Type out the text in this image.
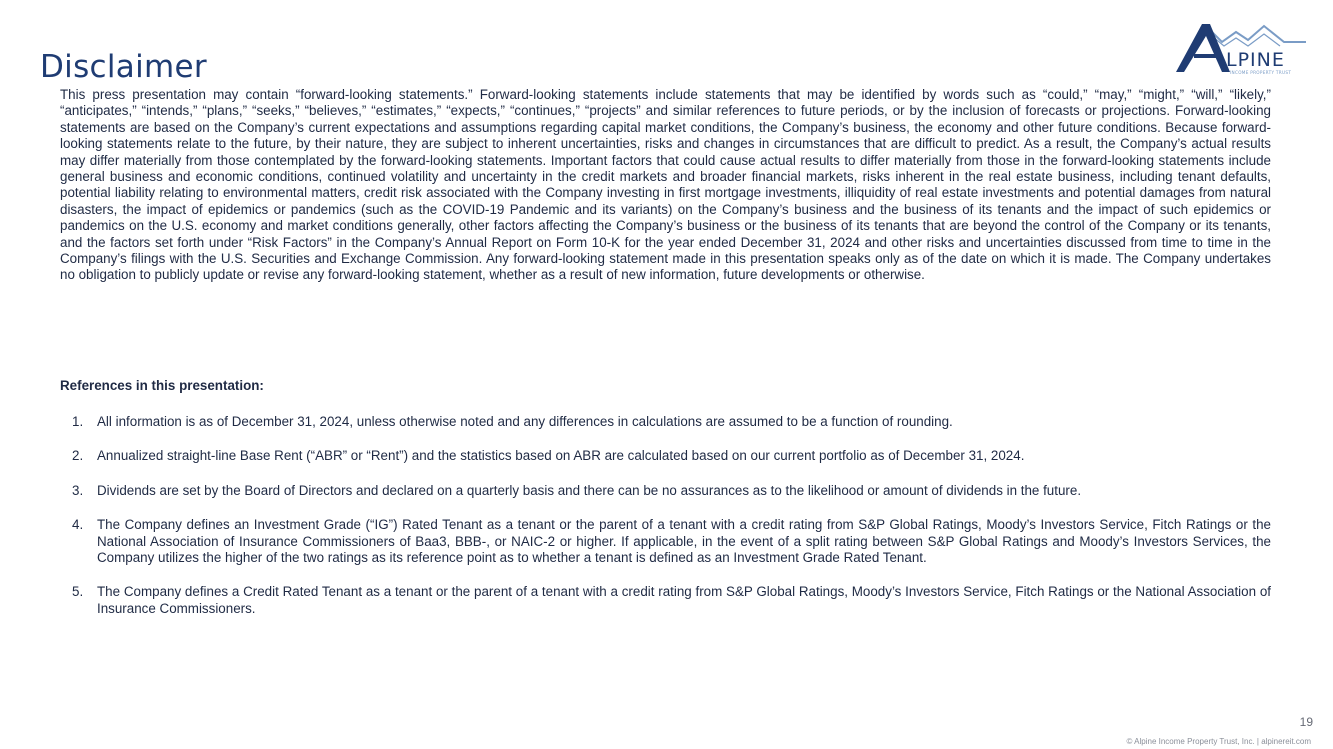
Disclaimer	LPINE
INCOME PROPERTY TRUST

This press presentation may contain “forward-looking statements.” Forward-looking statements include statements that may be identified by words such as “could,” “may,” “might,” “will,” “likely,” “anticipates,” “intends,” “plans,” “seeks,” “believes,” “estimates,” “expects,” “continues,” “projects” and similar references to future periods, or by the inclusion of forecasts or projections. Forward-looking statements are based on the Company’s current expectations and assumptions regarding capital market conditions, the Company’s business, the economy and other future conditions. Because forward-looking statements relate to the future, by their nature, they are subject to inherent uncertainties, risks and changes in circumstances that are difficult to predict. As a result, the Company’s actual results may differ materially from those contemplated by the forward-looking statements. Important factors that could cause actual results to differ materially from those in the forward-looking statements include general business and economic conditions, continued volatility and uncertainty in the credit markets and broader financial markets, risks inherent in the real estate business, including tenant defaults, potential liability relating to environmental matters, credit risk associated with the Company investing in first mortgage investments, illiquidity of real estate investments and potential damages from natural disasters, the impact of epidemics or pandemics (such as the COVID-19 Pandemic and its variants) on the Company’s business and the business of its tenants and the impact of such epidemics or pandemics on the U.S. economy and market conditions generally, other factors affecting the Company’s business or the business of its tenants that are beyond the control of the Company or its tenants, and the factors set forth under “Risk Factors” in the Company’s Annual Report on Form 10-K for the year ended December 31, 2024 and other risks and uncertainties discussed from time to time in the Company’s filings with the U.S. Securities and Exchange Commission. Any forward-looking statement made in this presentation speaks only as of the date on which it is made. The Company undertakes no obligation to publicly update or revise any forward-looking statement, whether as a result of new information, future developments or otherwise.

References in this presentation:

1. All information is as of December 31, 2024, unless otherwise noted and any differences in calculations are assumed to be a function of rounding.
2. Annualized straight-line Base Rent (“ABR” or “Rent”) and the statistics based on ABR are calculated based on our current portfolio as of December 31, 2024.
3. Dividends are set by the Board of Directors and declared on a quarterly basis and there can be no assurances as to the likelihood or amount of dividends in the future.
4. The Company defines an Investment Grade (“IG”) Rated Tenant as a tenant or the parent of a tenant with a credit rating from S&P Global Ratings, Moody’s Investors Service, Fitch Ratings or the National Association of Insurance Commissioners of Baa3, BBB-, or NAIC-2 or higher. If applicable, in the event of a split rating between S&P Global Ratings and Moody’s Investors Services, the Company utilizes the higher of the two ratings as its reference point as to whether a tenant is defined as an Investment Grade Rated Tenant.
5. The Company defines a Credit Rated Tenant as a tenant or the parent of a tenant with a credit rating from S&P Global Ratings, Moody’s Investors Service, Fitch Ratings or the National Association of Insurance Commissioners.
19
© Alpine Income Property Trust, Inc. | alpinereit.com
